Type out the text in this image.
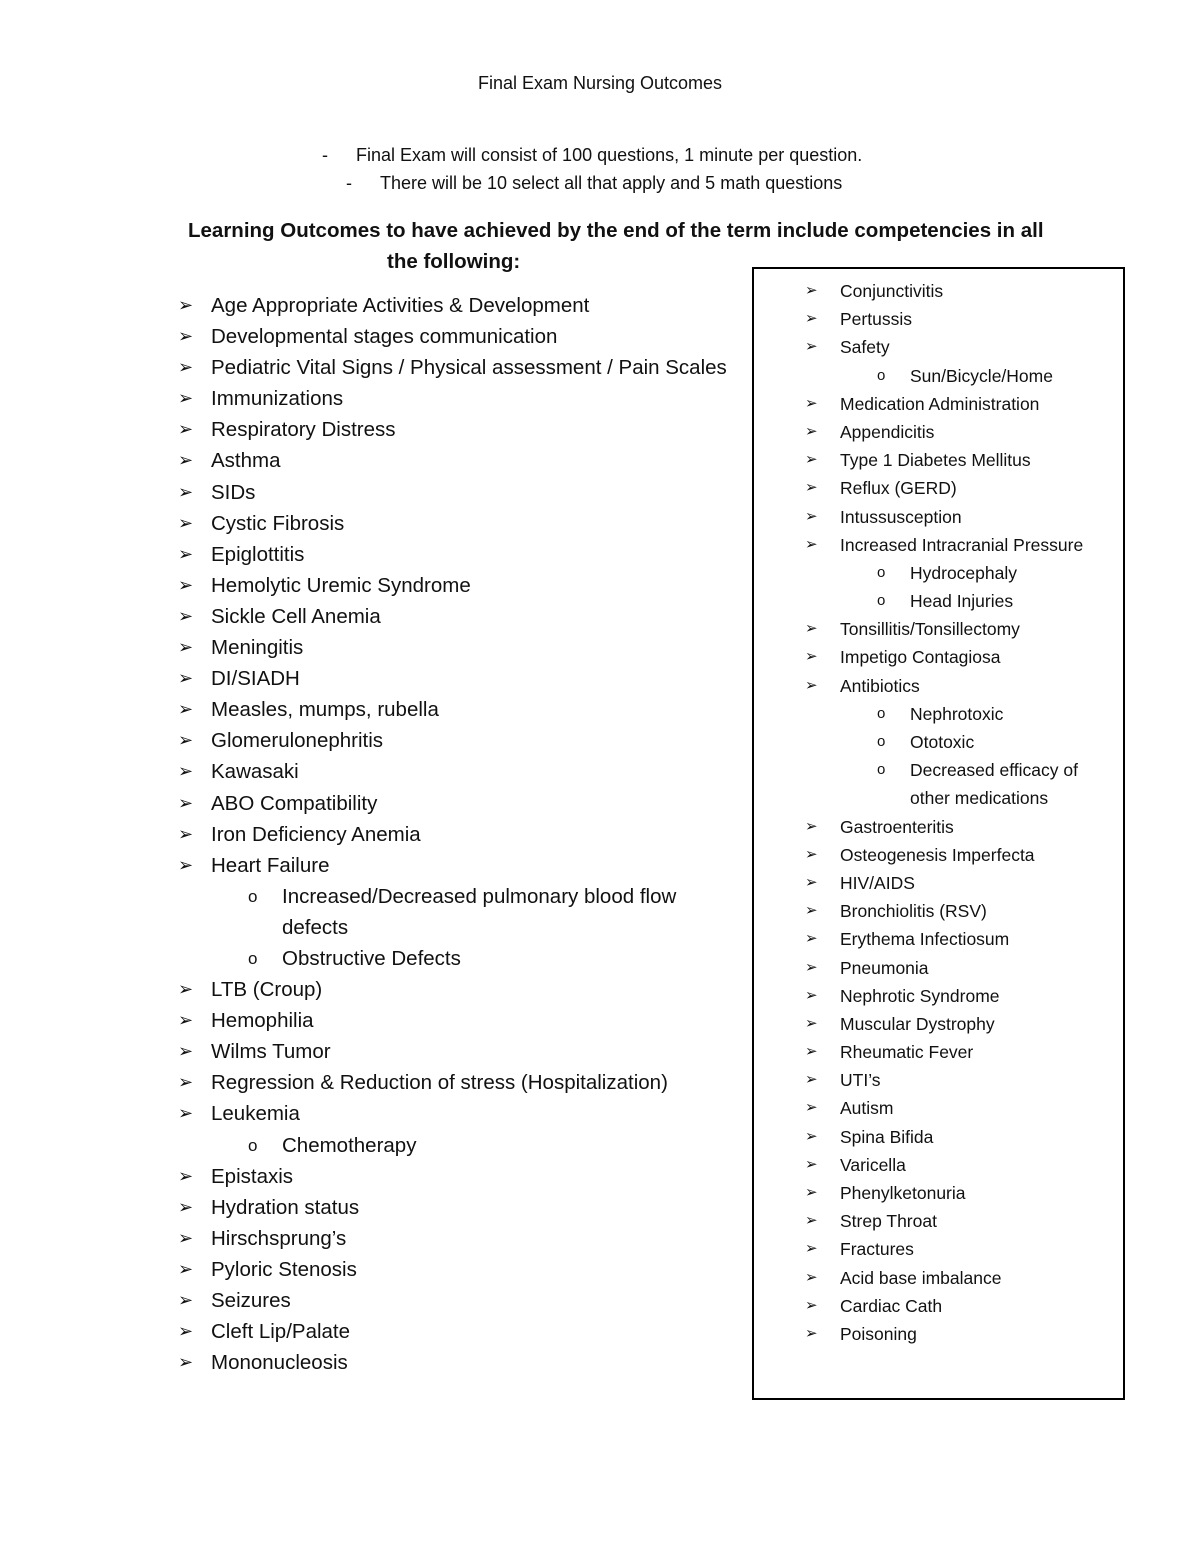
Final Exam Nursing Outcomes
- Final Exam will consist of 100 questions, 1 minute per question.
- There will be 10 select all that apply and 5 math questions
Learning Outcomes to have achieved by the end of the term include competencies in all
the following:
➢ Age Appropriate Activities & Development
➢ Developmental stages communication
➢ Pediatric Vital Signs / Physical assessment / Pain Scales
➢ Immunizations
➢ Respiratory Distress
➢ Asthma
➢ SIDs
➢ Cystic Fibrosis
➢ Epiglottitis
➢ Hemolytic Uremic Syndrome
➢ Sickle Cell Anemia
➢ Meningitis
➢ DI/SIADH
➢ Measles, mumps, rubella
➢ Glomerulonephritis
➢ Kawasaki
➢ ABO Compatibility
➢ Iron Deficiency Anemia
➢ Heart Failure
o Increased/Decreased pulmonary blood flow
defects
o Obstructive Defects
➢ LTB (Croup)
➢ Hemophilia
➢ Wilms Tumor
➢ Regression & Reduction of stress (Hospitalization)
➢ Leukemia
o Chemotherapy
➢ Epistaxis
➢ Hydration status
➢ Hirschsprung’s
➢ Pyloric Stenosis
➢ Seizures
➢ Cleft Lip/Palate
➢ Mononucleosis
➢ Conjunctivitis
➢ Pertussis
➢ Safety
o Sun/Bicycle/Home
➢ Medication Administration
➢ Appendicitis
➢ Type 1 Diabetes Mellitus
➢ Reflux (GERD)
➢ Intussusception
➢ Increased Intracranial Pressure
o Hydrocephaly
o Head Injuries
➢ Tonsillitis/Tonsillectomy
➢ Impetigo Contagiosa
➢ Antibiotics
o Nephrotoxic
o Ototoxic
o Decreased efficacy of
other medications
➢ Gastroenteritis
➢ Osteogenesis Imperfecta
➢ HIV/AIDS
➢ Bronchiolitis (RSV)
➢ Erythema Infectiosum
➢ Pneumonia
➢ Nephrotic Syndrome
➢ Muscular Dystrophy
➢ Rheumatic Fever
➢ UTI’s
➢ Autism
➢ Spina Bifida
➢ Varicella
➢ Phenylketonuria
➢ Strep Throat
➢ Fractures
➢ Acid base imbalance
➢ Cardiac Cath
➢ Poisoning
